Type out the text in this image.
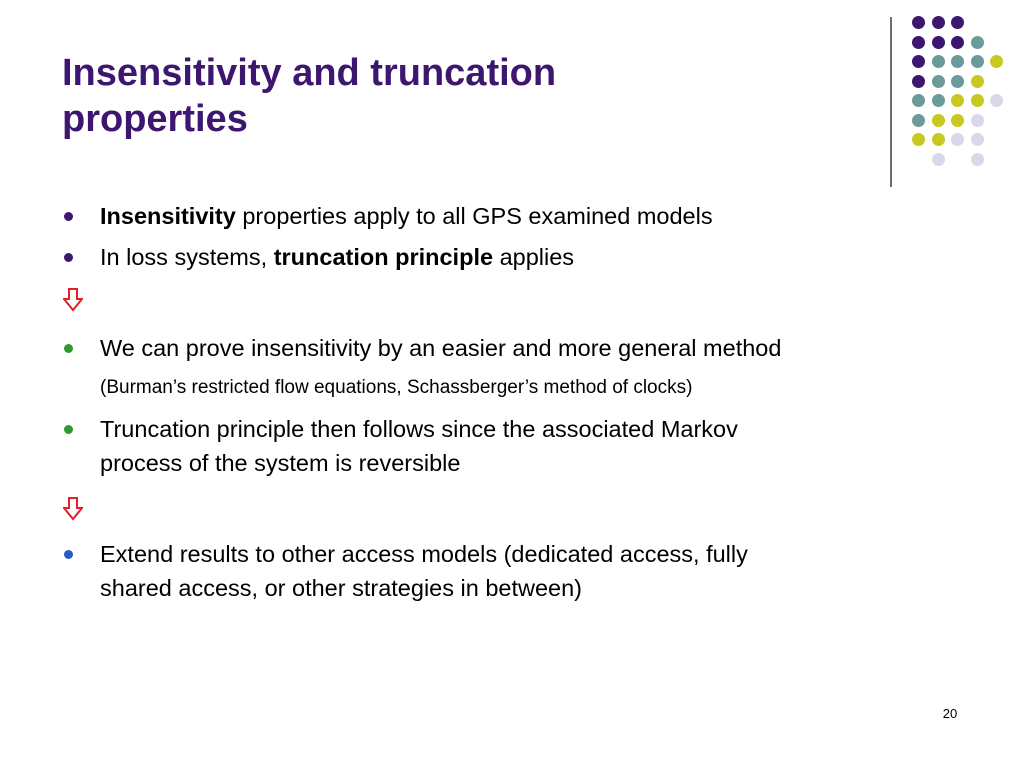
Insensitivity and truncation
properties
Insensitivity properties apply to all GPS examined models
In loss systems, truncation principle applies
We can prove insensitivity by an easier and more general method
(Burman’s restricted flow equations, Schassberger’s method of clocks)
Truncation principle then follows since the associated Markov
process of the system is reversible
Extend results to other access models (dedicated access, fully
shared access, or other strategies in between)
20
